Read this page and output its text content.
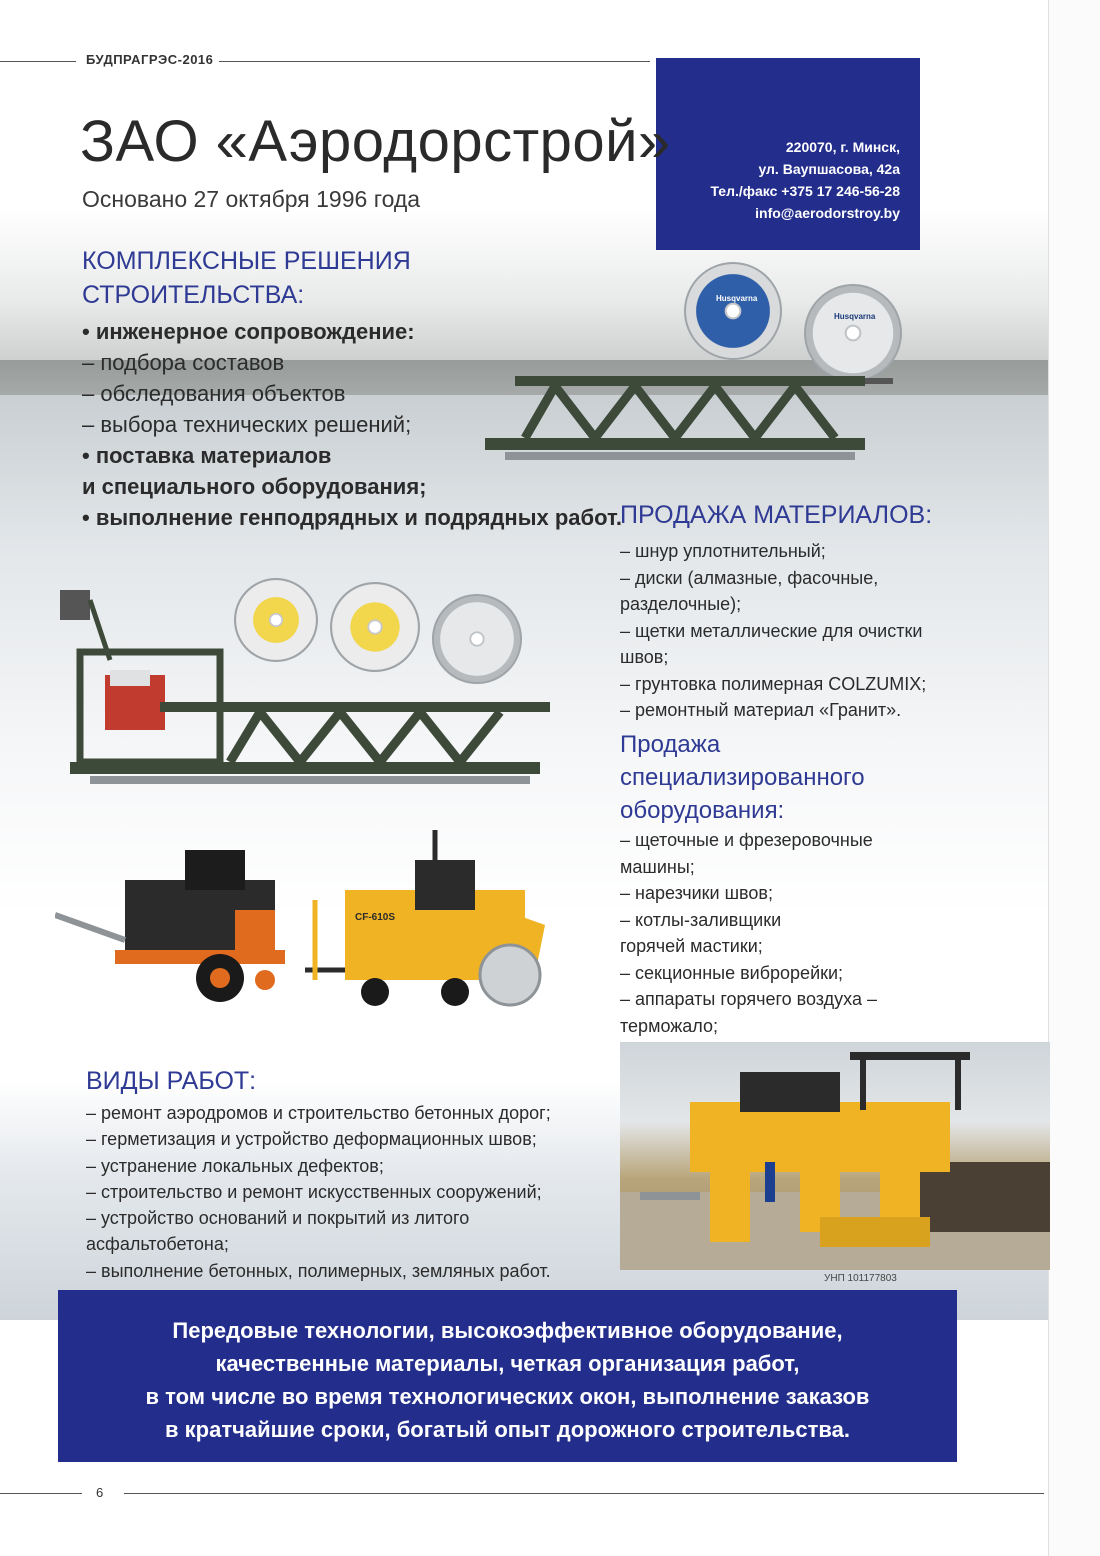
БУДПРАГРЭС-2016
220070, г. Минск,
ул. Ваупшасова, 42а
Тел./факс +375 17 246-56-28
info@aerodorstroy.by
ЗАО «Аэродорстрой»
Основано 27 октября 1996 года
КОМПЛЕКСНЫЕ РЕШЕНИЯ
СТРОИТЕЛЬСТВА:
• инженерное сопровождение:
– подбора составов
– обследования объектов
– выбора технических решений;
• поставка материалов
и специального оборудования;
• выполнение генподрядных и подрядных работ.
Husqvarna
Husqvarna
ПРОДАЖА МАТЕРИАЛОВ:
– шнур уплотнительный;
– диски (алмазные, фасочные,
разделочные);
– щетки металлические для очистки
швов;
– грунтовка полимерная COLZUMIX;
– ремонтный материал «Гранит».
Продажа
специализированного
оборудования:
– щеточные и фрезеровочные
машины;
– нарезчики швов;
– котлы-заливщики
горячей мастики;
– секционные виброрейки;
– аппараты горячего воздуха –
терможало;
CF-610S
ВИДЫ РАБОТ:
– ремонт аэродромов и строительство бетонных дорог;
– герметизация и устройство деформационных швов;
– устранение локальных дефектов;
– строительство и ремонт искусственных сооружений;
– устройство оснований и покрытий из литого
асфальтобетона;
– выполнение бетонных, полимерных, земляных работ.	УНП 101177803
Передовые технологии, высокоэффективное оборудование,
качественные материалы, четкая организация работ,
в том числе во время технологических окон, выполнение заказов
в кратчайшие сроки, богатый опыт дорожного строительства.
6
